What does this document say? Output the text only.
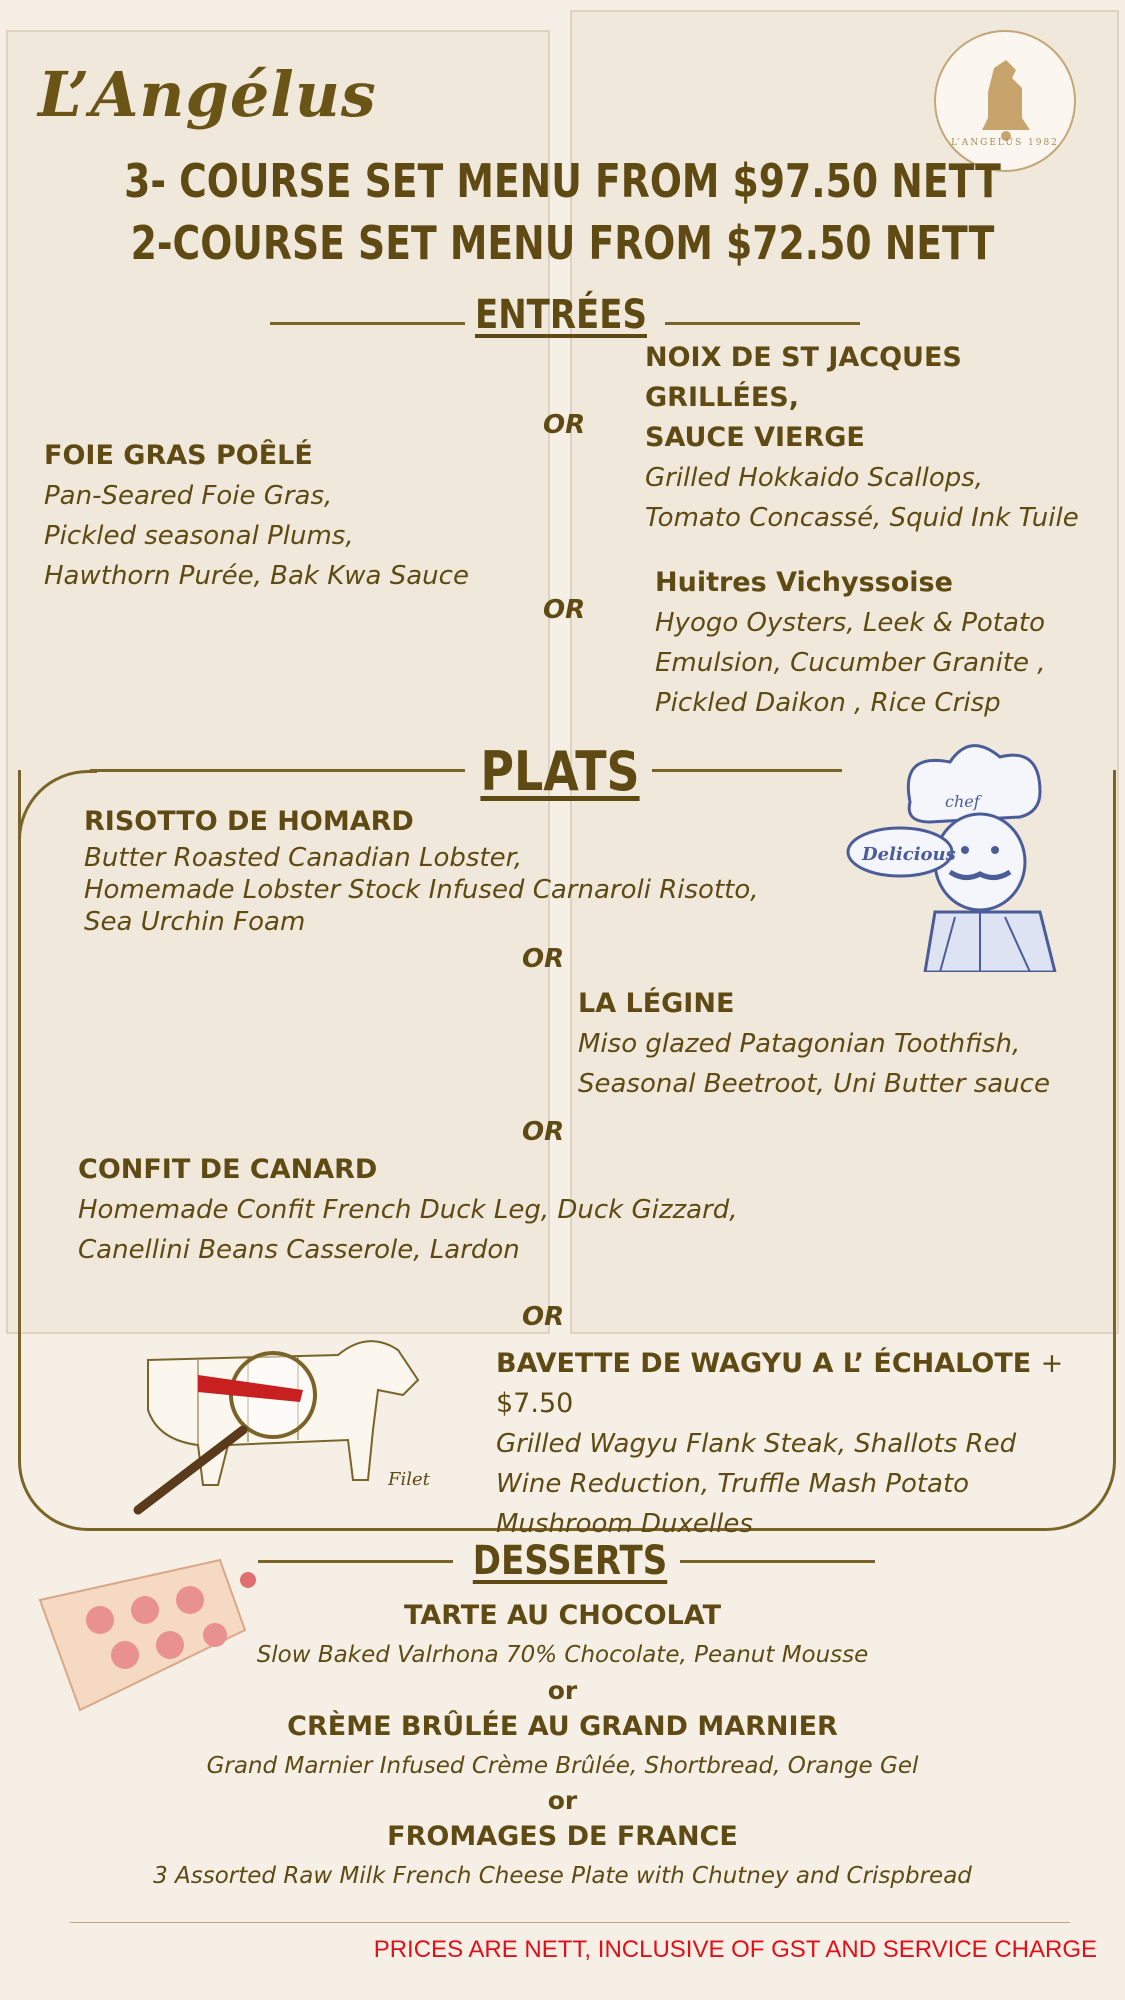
L’Angélus
L’ANGELUS 1982
3- COURSE SET MENU FROM $97.50 NETT
2-COURSE SET MENU FROM $72.50 NETT
ENTRÉES
NOIX DE ST JACQUES GRILLÉES,
SAUCE VIERGE
Grilled Hokkaido Scallops,
Tomato Concassé, Squid Ink Tuile
OR
FOIE GRAS POÊLÉ
Pan-Seared Foie Gras,
Pickled seasonal Plums,
Hawthorn Purée, Bak Kwa Sauce
OR
Huitres Vichyssoise
Hyogo Oysters, Leek & Potato
Emulsion, Cucumber Granite ,
Pickled Daikon , Rice Crisp
PLATS	chef
Delicious
RISOTTO DE HOMARD
Butter Roasted Canadian Lobster,
Homemade Lobster Stock Infused Carnaroli Risotto,
Sea Urchin Foam
OR
LA LÉGINE
Miso glazed Patagonian Toothfish,
Seasonal Beetroot, Uni Butter sauce
OR
CONFIT DE CANARD
Homemade Confit French Duck Leg, Duck Gizzard,
Canellini Beans Casserole, Lardon
OR
Filet
BAVETTE DE WAGYU A L’ ÉCHALOTE + $7.50
Grilled Wagyu Flank Steak, Shallots Red
Wine Reduction, Truffle Mash Potato
Mushroom Duxelles
DESSERTS
TARTE AU CHOCOLAT
Slow Baked Valrhona 70% Chocolate, Peanut Mousse
or
CRÈME BRÛLÉE AU GRAND MARNIER
Grand Marnier Infused Crème Brûlée, Shortbread, Orange Gel
or
FROMAGES DE FRANCE
3 Assorted Raw Milk French Cheese Plate with Chutney and Crispbread
PRICES ARE NETT, INCLUSIVE OF GST AND SERVICE CHARGE
